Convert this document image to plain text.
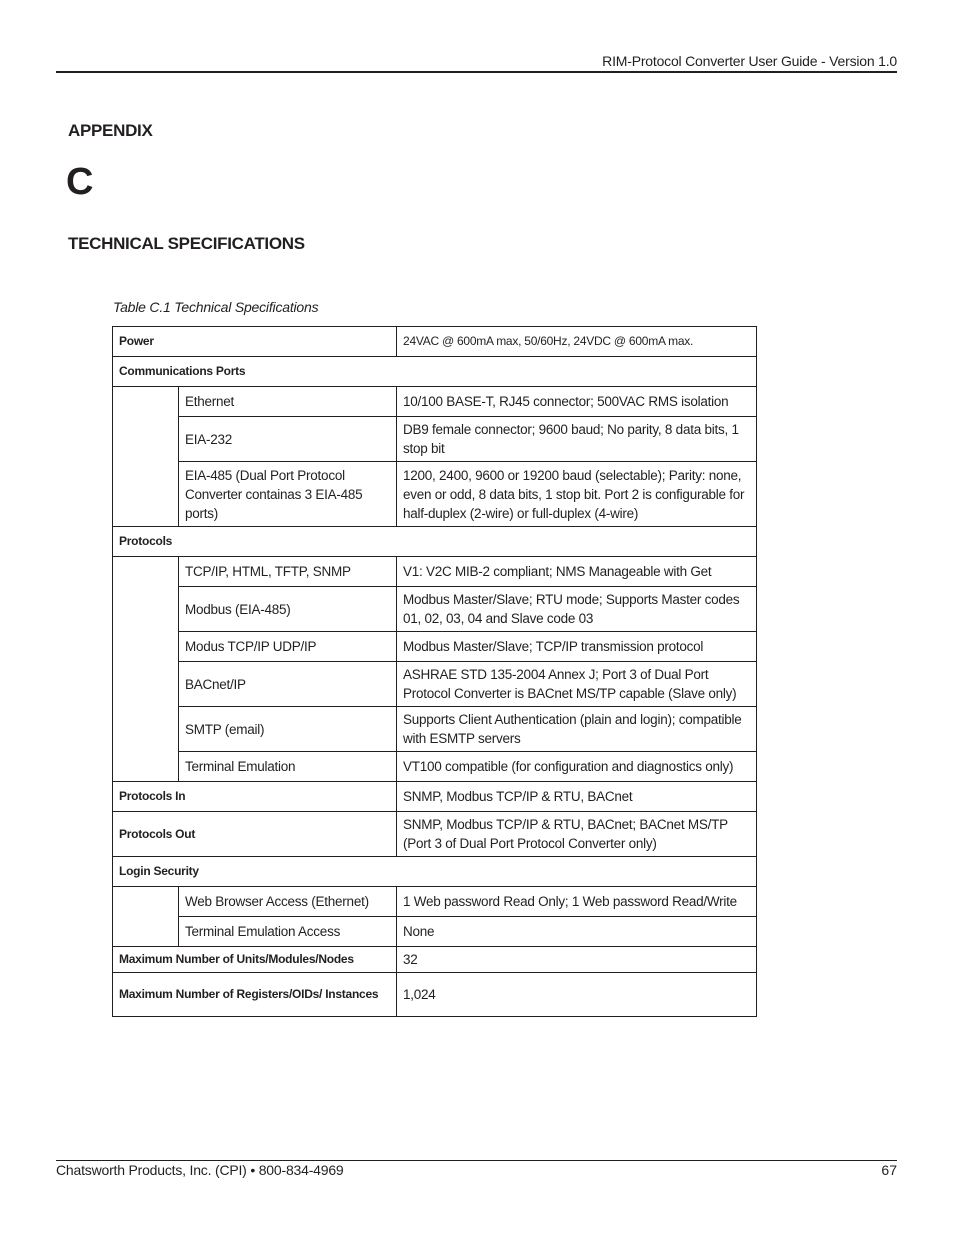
RIM-Protocol Converter User Guide - Version 1.0
APPENDIX
C
TECHNICAL SPECIFICATIONS
Table C.1 Technical Specifications
Power		24VAC @ 600mA max, 50/60Hz, 24VDC @ 600mA max.
Communications Ports		
	Ethernet	10/100 BASE-T, RJ45 connector; 500VAC RMS isolation
	EIA-232	DB9 female connector; 9600 baud; No parity, 8 data bits, 1 stop bit
	EIA-485 (Dual Port Protocol Converter containas 3 EIA-485 ports)	1200, 2400, 9600 or 19200 baud (selectable); Parity: none, even or odd, 8 data bits, 1 stop bit. Port 2 is configurable for half-duplex (2-wire) or full-duplex (4-wire)
Protocols		
	TCP/IP, HTML, TFTP, SNMP	V1: V2C MIB-2 compliant; NMS Manageable with Get
	Modbus (EIA-485)	Modbus Master/Slave; RTU mode; Supports Master codes 01, 02, 03, 04 and Slave code 03
	Modus TCP/IP UDP/IP	Modbus Master/Slave; TCP/IP transmission protocol
	BACnet/IP	ASHRAE STD 135-2004 Annex J; Port 3 of Dual Port Protocol Converter is BACnet MS/TP capable (Slave only)
	SMTP (email)	Supports Client Authentication (plain and login); compatible with ESMTP servers
	Terminal Emulation	VT100 compatible (for configuration and diagnostics only)
Protocols In		SNMP, Modbus TCP/IP & RTU, BACnet
Protocols Out		SNMP, Modbus TCP/IP & RTU, BACnet; BACnet MS/TP (Port 3 of Dual Port Protocol Converter only)
Login Security		
	Web Browser Access (Ethernet)	1 Web password Read Only; 1 Web password Read/Write
	Terminal Emulation Access	None
Maximum Number of Units/Modules/Nodes		32
Maximum Number of Registers/OIDs/ Instances		1,024
Chatsworth Products, Inc. (CPI) • 800-834-4969	67
